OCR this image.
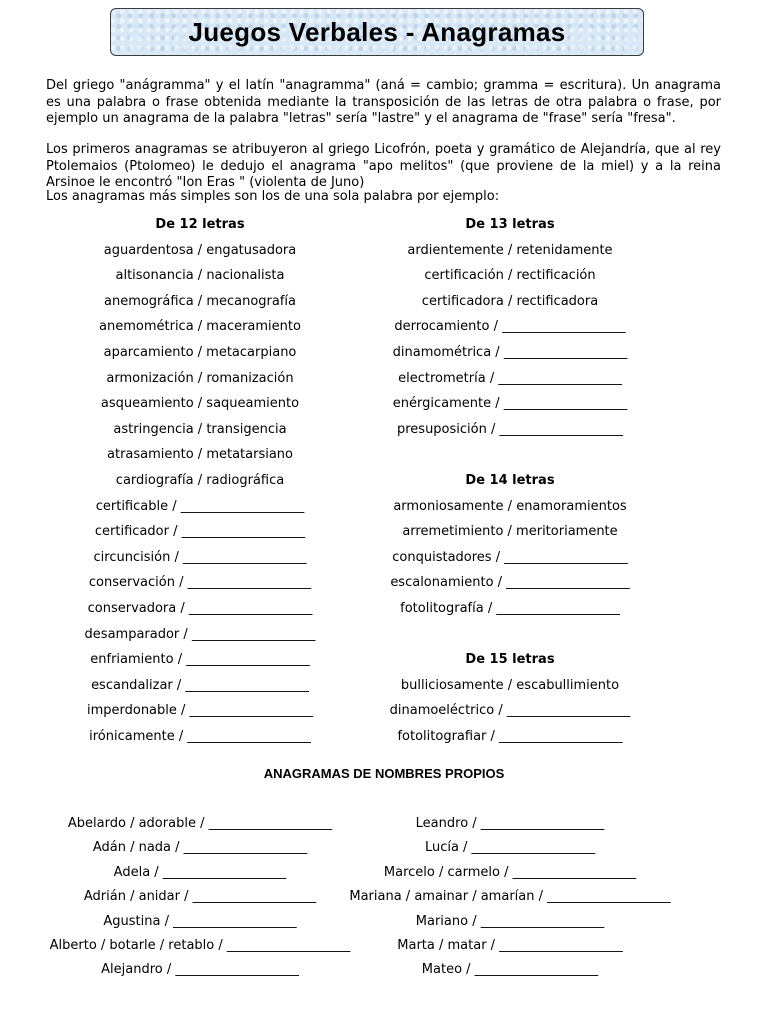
Juegos Verbales - Anagramas

Del griego "anágramma" y el latín "anagramma" (aná = cambio; gramma = escritura). Un anagrama es una palabra o frase obtenida mediante la transposición de las letras de otra palabra o frase, por ejemplo un anagrama de la palabra "letras" sería "lastre" y el anagrama de "frase" sería "fresa".

Los primeros anagramas se atribuyeron al griego Licofrón, poeta y gramático de Alejandría, que al rey Ptolemaios (Ptolomeo) le dedujo el anagrama "apo melitos" (que proviene de la miel) y a la reina Arsinoe le encontró "Ion Eras " (violenta de Juno)

Los anagramas más simples son los de una sola palabra por ejemplo:

De 12 letras
aguardentosa / engatusadora
altisonancia / nacionalista
anemográfica / mecanografía
anemométrica / maceramiento
aparcamiento / metacarpiano
armonización / romanización
asqueamiento / saqueamiento
astringencia / transigencia
atrasamiento / metatarsiano
cardiografía / radiográfica
certificable / ___________________
certificador / ___________________
circuncisión / ___________________
conservación / ___________________
conservadora / ___________________
desamparador / ___________________
enfriamiento / ___________________
escandalizar / ___________________
imperdonable / ___________________
irónicamente / ___________________
De 13 letras
ardientemente / retenidamente
certificación / rectificación
certificadora / rectificadora
derrocamiento / ___________________
dinamométrica / ___________________
electrometría / ___________________
enérgicamente / ___________________
presuposición / ___________________
De 14 letras
armoniosamente / enamoramientos
arremetimiento / meritoriamente
conquistadores / ___________________
escalonamiento / ___________________
fotolitografía / ___________________
De 15 letras
bulliciosamente / escabullimiento
dinamoeléctrico / ___________________
fotolitografiar / ___________________
ANAGRAMAS DE NOMBRES PROPIOS
Abelardo / adorable / ___________________
Adán / nada / ___________________
Adela / ___________________
Adrián / anidar / ___________________
Agustina / ___________________
Alberto / botarle / retablo / ___________________
Alejandro / ___________________
Leandro / ___________________
Lucía / ___________________
Marcelo / carmelo / ___________________
Mariana / amainar / amarían / ___________________
Mariano / ___________________
Marta / matar / ___________________
Mateo / ___________________
